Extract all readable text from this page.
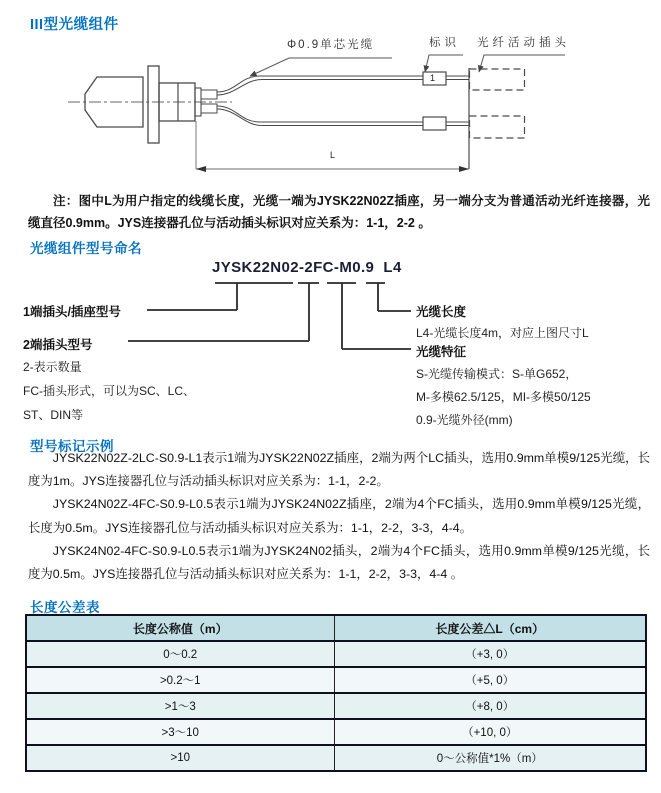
III型光缆组件
Φ0.9单芯光缆	标识 光纤活动插头
1
L
注：图中L为用户指定的线缆长度，光缆一端为JYSK22N02Z插座，另一端分支为普通活动光纤连接器，光缆直径0.9mm。JYS连接器孔位与活动插头标识对应关系为：1-1，2-2 。
光缆组件型号命名
JYSK22N02-2FC-M0.9  L4
1端插头/插座型号
2端插头型号
2-表示数量
FC-插头形式，可以为SC、LC、
ST、DIN等
光缆长度
L4-光缆长度4m，对应上图尺寸L
光缆特征
S-光缆传输模式：S-单G652，
M-多模62.5/125，MI-多模50/125
0.9-光缆外径(mm)
型号标记示例

JYSK22N02Z-2LC-S0.9-L1表示1端为JYSK22N02Z插座，2端为两个LC插头，选用0.9mm单模9/125光缆，长度为1m。JYS连接器孔位与活动插头标识对应关系为：1-1，2-2。

JYSK24N02Z-4FC-S0.9-L0.5表示1端为JYSK24N02Z插座，2端为4个FC插头，选用0.9mm单模9/125光缆，长度为0.5m。JYS连接器孔位与活动插头标识对应关系为：1-1，2-2，3-3，4-4。

JYSK24N02-4FC-S0.9-L0.5表示1端为JYSK24N02插头，2端为4个FC插头，选用0.9mm单模9/125光缆，长度为0.5m。JYS连接器孔位与活动插头标识对应关系为：1-1，2-2，3-3，4-4 。

长度公差表
长度公称值（m）	长度公差△L（cm）
0～0.2	（+3, 0）
>0.2～1	（+5, 0）
>1～3	（+8, 0）
>3～10	（+10, 0）
>10	0～公称值*1%（m）
